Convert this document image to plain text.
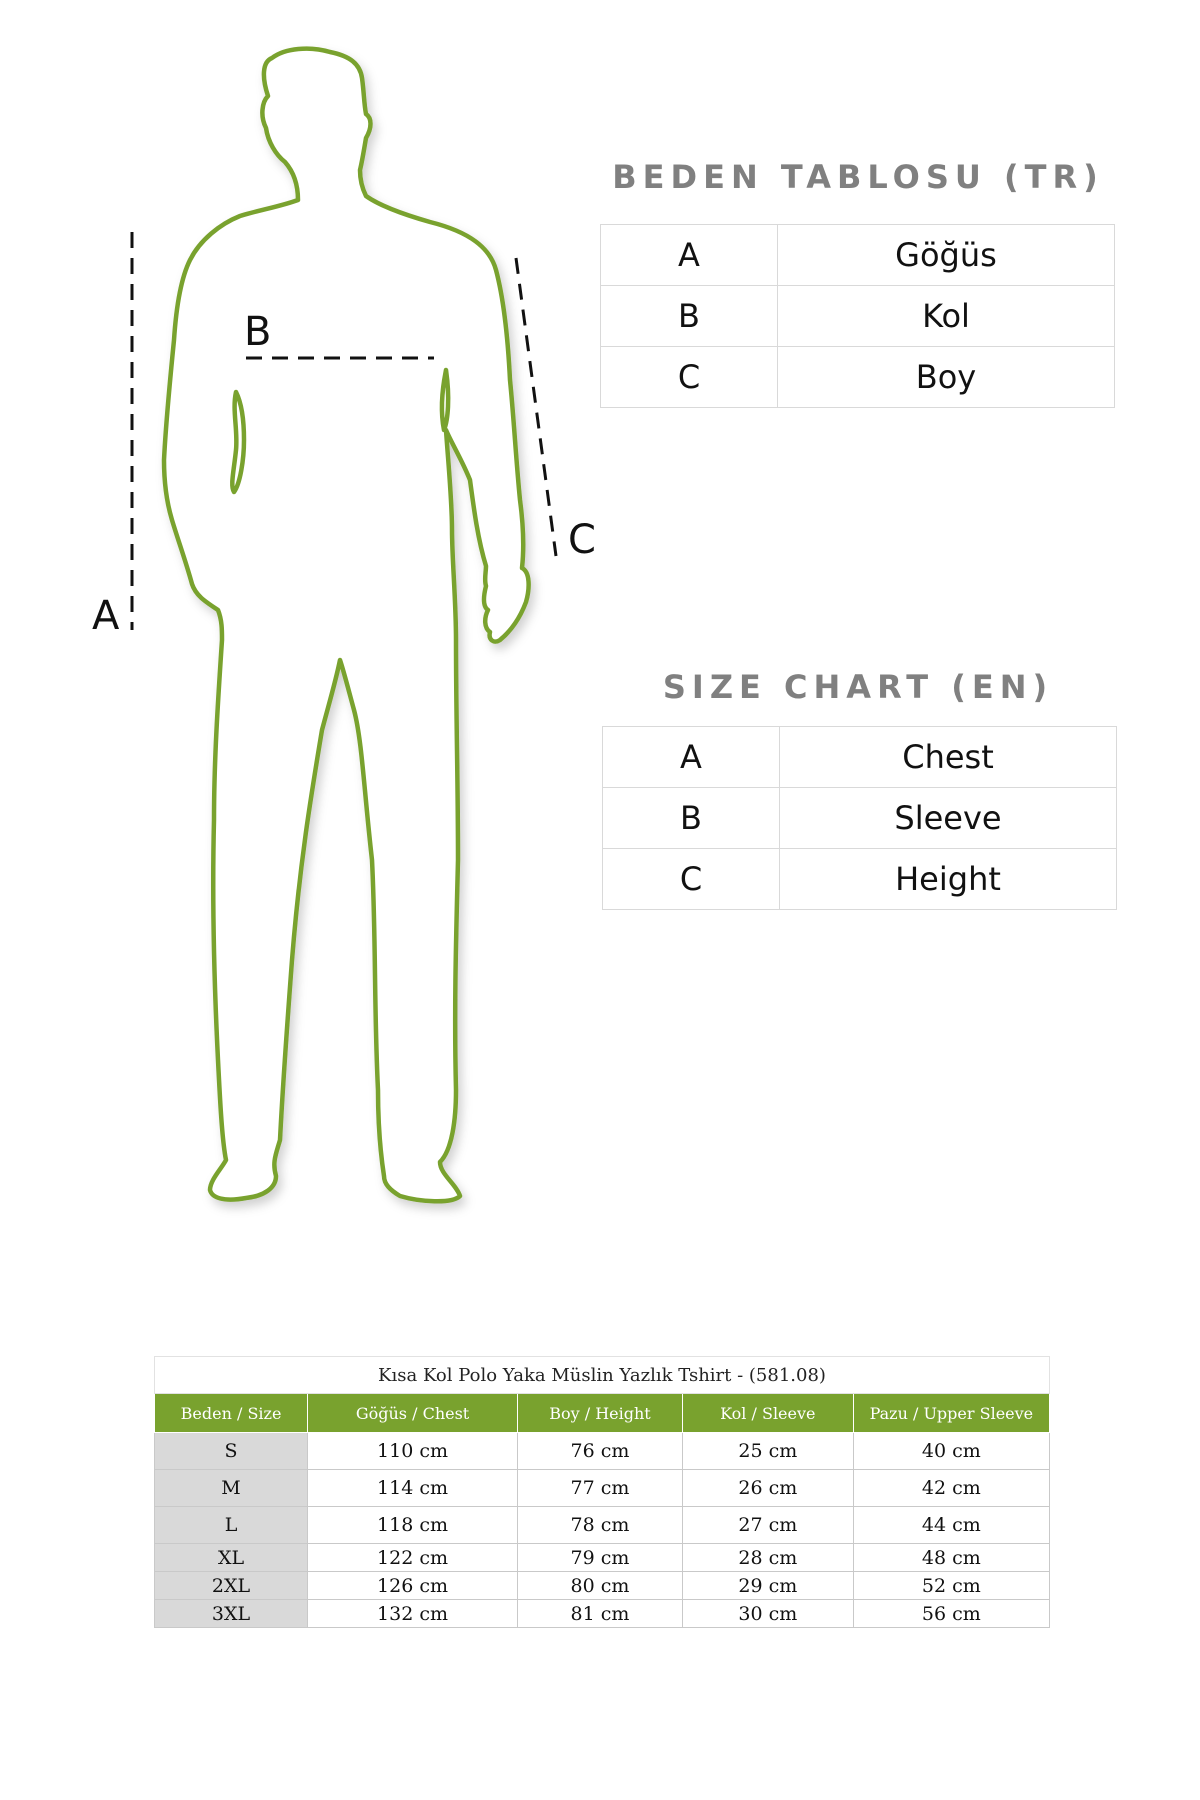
A
B
C
BEDEN TABLOSU (TR)
A	Göğüs
B	Kol
C	Boy
SIZE CHART (EN)
A	Chest
B	Sleeve
C	Height
Kısa Kol Polo Yaka Müslin Yazlık Tshirt - (581.08)				
Beden / Size	Göğüs / Chest	Boy / Height	Kol / Sleeve	Pazu / Upper Sleeve
S	110 cm	76 cm	25 cm	40 cm
M	114 cm	77 cm	26 cm	42 cm
L	118 cm	78 cm	27 cm	44 cm
XL	122 cm	79 cm	28 cm	48 cm
2XL	126 cm	80 cm	29 cm	52 cm
3XL	132 cm	81 cm	30 cm	56 cm
